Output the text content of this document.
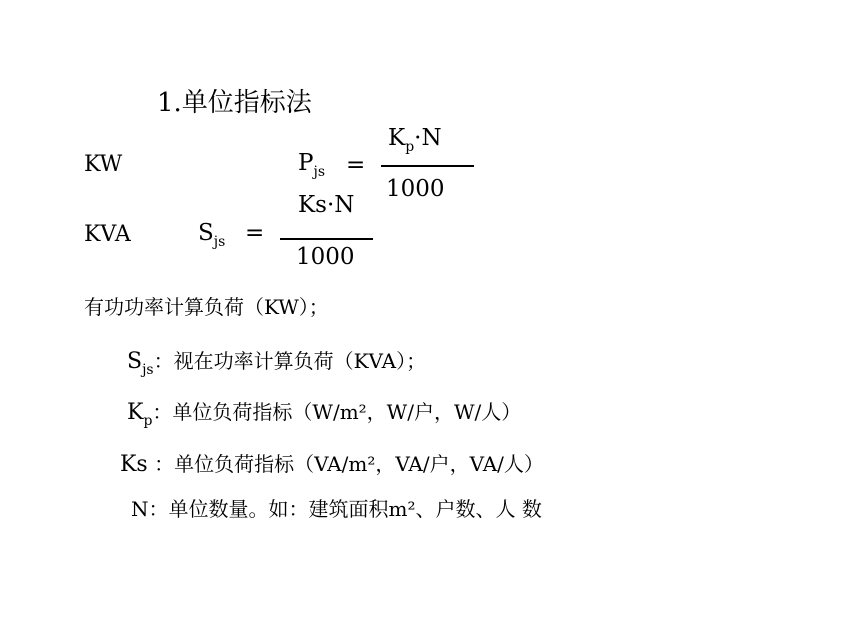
1.单位指标法
KW	$P_{js}$ =
$K_p\cdot N$
1000
Ks·N
KVA	$S_{js}$ =
1000
有功功率计算负荷（KW）；
$S_{js}$：视在功率计算负荷（KVA）；
$K_p$：单位负荷指标（W/m²，W/户，W/人）
Ks ：单位负荷指标（VA/m²，VA/户，VA/人）
N：单位数量。如：建筑面积m²、户数、人 数
